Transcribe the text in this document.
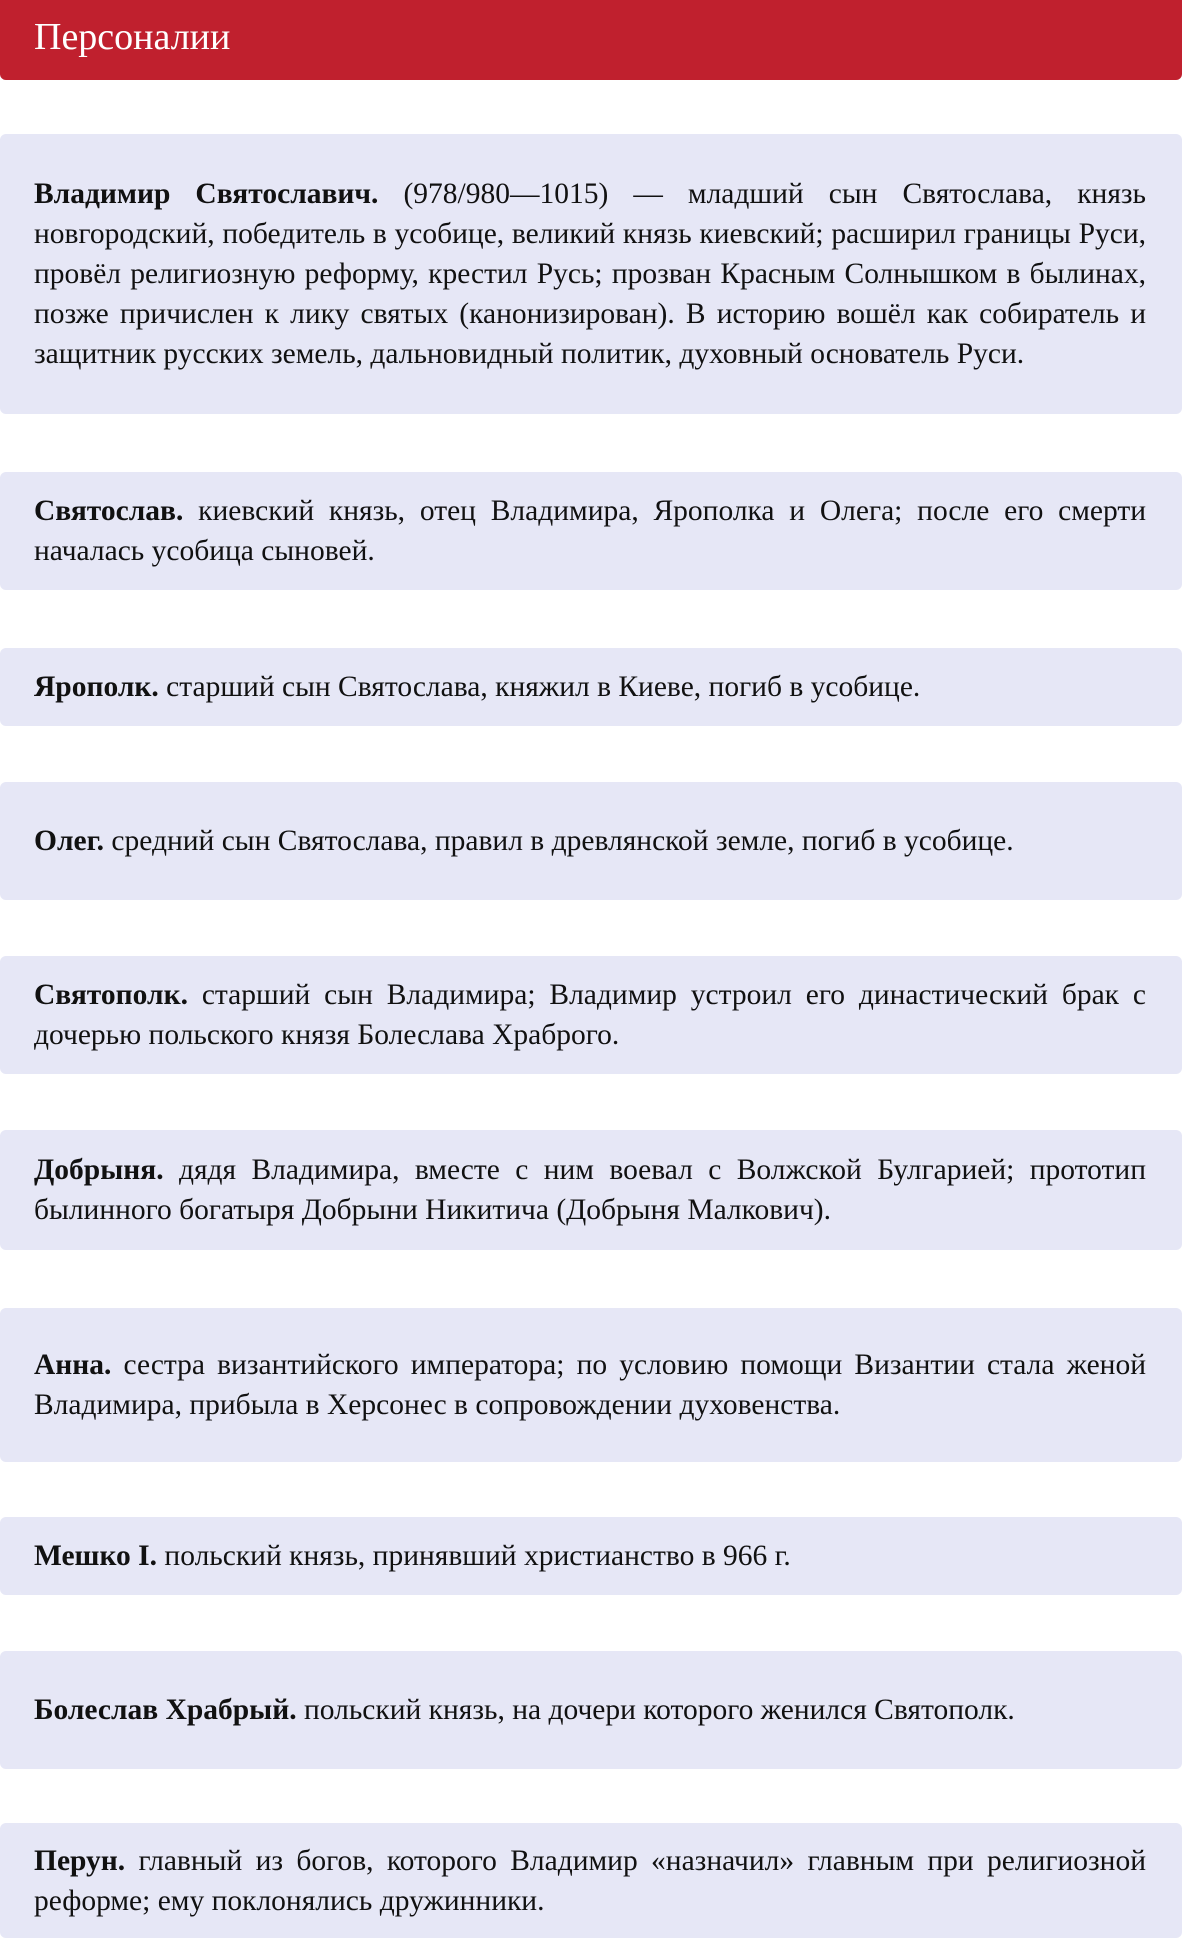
Персоналии
Владимир Святославич. (978/980—1015) — младший сын Святослава, князь новгородский, победитель в усобице, великий князь киевский; расширил границы Руси, провёл религиозную реформу, крестил Русь; прозван Красным Солнышком в былинах, позже причислен к лику святых (канонизирован). В историю вошёл как собиратель и защитник русских земель, дальновидный политик, духовный основатель Руси.
Святослав. киевский князь, отец Владимира, Ярополка и Олега; после его смерти началась усобица сыновей.
Ярополк. старший сын Святослава, княжил в Киеве, погиб в усобице.
Олег. средний сын Святослава, правил в древлянской земле, погиб в усобице.
Святополк. старший сын Владимира; Владимир устроил его династический брак с дочерью польского князя Болеслава Храброго.
Добрыня. дядя Владимира, вместе с ним воевал с Волжской Булгарией; прототип былинного богатыря Добрыни Никитича (Добрыня Малкович).
Анна. сестра византийского императора; по условию помощи Византии стала женой Владимира, прибыла в Херсонес в сопровождении духовенства.
Мешко I. польский князь, принявший христианство в 966 г.
Болеслав Храбрый. польский князь, на дочери которого женился Святополк.
Перун. главный из богов, которого Владимир «назначил» главным при религиозной реформе; ему поклонялись дружинники.
